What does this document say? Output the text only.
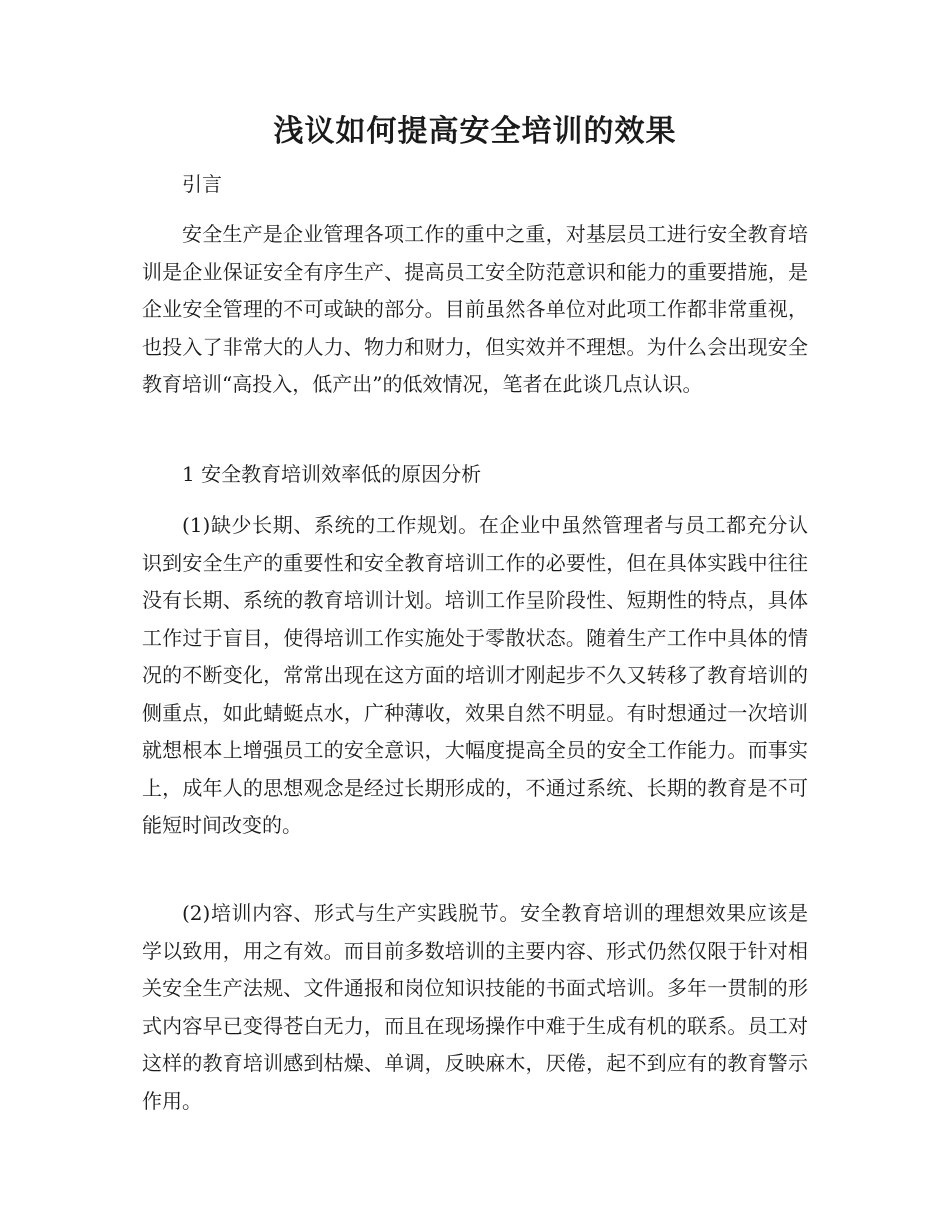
浅议如何提高安全培训的效果

引言

安全生产是企业管理各项工作的重中之重，对基层员工进行安全教育培训是企业保证安全有序生产、提高员工安全防范意识和能力的重要措施，是企业安全管理的不可或缺的部分。目前虽然各单位对此项工作都非常重视，也投入了非常大的人力、物力和财力，但实效并不理想。为什么会出现安全教育培训“高投入，低产出”的低效情况，笔者在此谈几点认识。

1 安全教育培训效率低的原因分析

(1)缺少长期、系统的工作规划。在企业中虽然管理者与员工都充分认识到安全生产的重要性和安全教育培训工作的必要性，但在具体实践中往往没有长期、系统的教育培训计划。培训工作呈阶段性、短期性的特点，具体工作过于盲目，使得培训工作实施处于零散状态。随着生产工作中具体的情况的不断变化，常常出现在这方面的培训才刚起步不久又转移了教育培训的侧重点，如此蜻蜓点水，广种薄收，效果自然不明显。有时想通过一次培训就想根本上增强员工的安全意识，大幅度提高全员的安全工作能力。而事实上，成年人的思想观念是经过长期形成的，不通过系统、长期的教育是不可能短时间改变的。

(2)培训内容、形式与生产实践脱节。安全教育培训的理想效果应该是学以致用，用之有效。而目前多数培训的主要内容、形式仍然仅限于针对相关安全生产法规、文件通报和岗位知识技能的书面式培训。多年一贯制的形式内容早已变得苍白无力，而且在现场操作中难于生成有机的联系。员工对这样的教育培训感到枯燥、单调，反映麻木，厌倦，起不到应有的教育警示作用。
